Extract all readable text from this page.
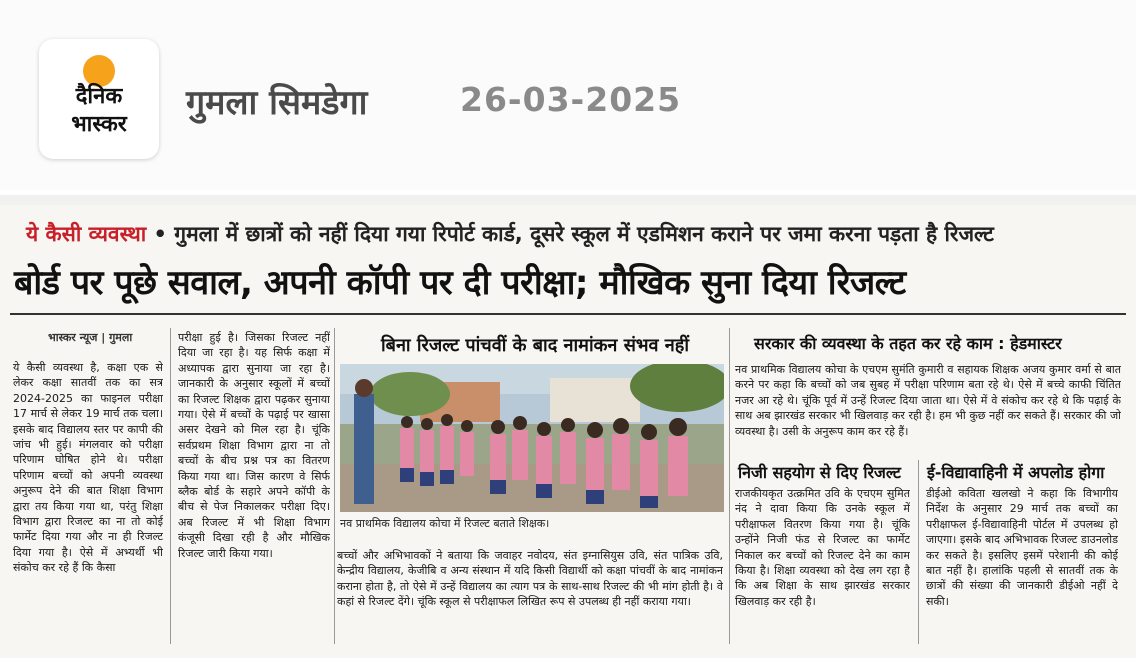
दैनिक
भास्कर
गुमला सिमडेगा	26-03-2025
ये कैसी व्यवस्था • गुमला में छात्रों को नहीं दिया गया रिपोर्ट कार्ड, दूसरे स्कूल में एडमिशन कराने पर जमा करना पड़ता है रिजल्ट
बोर्ड पर पूछे सवाल, अपनी कॉपी पर दी परीक्षा; मौखिक सुना दिया रिजल्ट
भास्कर न्यूज | गुमला
ये कैसी व्यवस्था है, कक्षा एक से लेकर कक्षा सातवीं तक का सत्र 2024-2025 का फाइनल परीक्षा 17 मार्च से लेकर 19 मार्च तक चला। इसके बाद विद्यालय स्तर पर कापी की जांच भी हुई। मंगलवार को परीक्षा परिणाम घोषित होने थे। परीक्षा परिणाम बच्चों को अपनी व्यवस्था अनुरूप देने की बात शिक्षा विभाग द्वारा तय किया गया था, परंतु शिक्षा विभाग द्वारा रिजल्ट का ना तो कोई फार्मेट दिया गया और ना ही रिजल्ट दिया गया है। ऐसे में अभ्यर्थी भी संकोच कर रहे हैं कि कैसा
परीक्षा हुई है। जिसका रिजल्ट नहीं दिया जा रहा है। यह सिर्फ कक्षा में अध्यापक द्वारा सुनाया जा रहा है। जानकारी के अनुसार स्कूलों में बच्चों का रिजल्ट शिक्षक द्वारा पढ़कर सुनाया गया। ऐसे में बच्चों के पढ़ाई पर खासा असर देखने को मिल रहा है। चूंकि सर्वप्रथम शिक्षा विभाग द्वारा ना तो बच्चों के बीच प्रश्न पत्र का वितरण किया गया था। जिस कारण वे सिर्फ ब्लैक बोर्ड के सहारे अपने कॉपी के बीच से पेज निकालकर परीक्षा दिए। अब रिजल्ट में भी शिक्षा विभाग कंजूसी दिखा रही है और मौखिक रिजल्ट जारी किया गया।
बिना रिजल्ट पांचवीं के बाद नामांकन संभव नहीं
नव प्राथमिक विद्यालय कोचा में रिजल्ट बताते शिक्षक।
बच्चों और अभिभावकों ने बताया कि जवाहर नवोदय, संत इग्नासियुस उवि, संत पात्रिक उवि, केन्द्रीय विद्यालय, केजीबि व अन्य संस्थान में यदि किसी विद्यार्थी को कक्षा पांचवीं के बाद नामांकन कराना होता है, तो ऐसे में उन्हें विद्यालय का त्याग पत्र के साथ-साथ रिजल्ट की भी मांग होती है। वे कहां से रिजल्ट देंगे। चूंकि स्कूल से परीक्षाफल लिखित रूप से उपलब्ध ही नहीं कराया गया।
सरकार की व्यवस्था के तहत कर रहे काम : हेडमास्टर
नव प्राथमिक विद्यालय कोचा के एचएम सुमंति कुमारी व सहायक शिक्षक अजय कुमार वर्मा से बात करने पर कहा कि बच्चों को जब सुबह में परीक्षा परिणाम बता रहे थे। ऐसे में बच्चे काफी चिंतित नजर आ रहे थे। चूंकि पूर्व में उन्हें रिजल्ट दिया जाता था। ऐसे में वे संकोच कर रहे थे कि पढ़ाई के साथ अब झारखंड सरकार भी खिलवाड़ कर रही है। हम भी कुछ नहीं कर सकते हैं। सरकार की जो व्यवस्था है। उसी के अनुरूप काम कर रहे हैं।
निजी सहयोग से दिए रिजल्ट
राजकीयकृत उत्क्रमित उवि के एचएम सुमित नंद ने दावा किया कि उनके स्कूल में परीक्षाफल वितरण किया गया है। चूंकि उन्होंने निजी फंड से रिजल्ट का फार्मेट निकाल कर बच्चों को रिजल्ट देने का काम किया है। शिक्षा व्यवस्था को देख लग रहा है कि अब शिक्षा के साथ झारखंड सरकार खिलवाड़ कर रही है।
ई-विद्यावाहिनी में अपलोड होगा
डीईओ कविता खलखो ने कहा कि विभागीय निर्देश के अनुसार 29 मार्च तक बच्चों का परीक्षाफल ई-विद्यावाहिनी पोर्टल में उपलब्ध हो जाएगा। इसके बाद अभिभावक रिजल्ट डाउनलोड कर सकते है। इसलिए इसमें परेशानी की कोई बात नहीं है। हालांकि पहली से सातवीं तक के छात्रों की संख्या की जानकारी डीईओ नहीं दे सकी।
